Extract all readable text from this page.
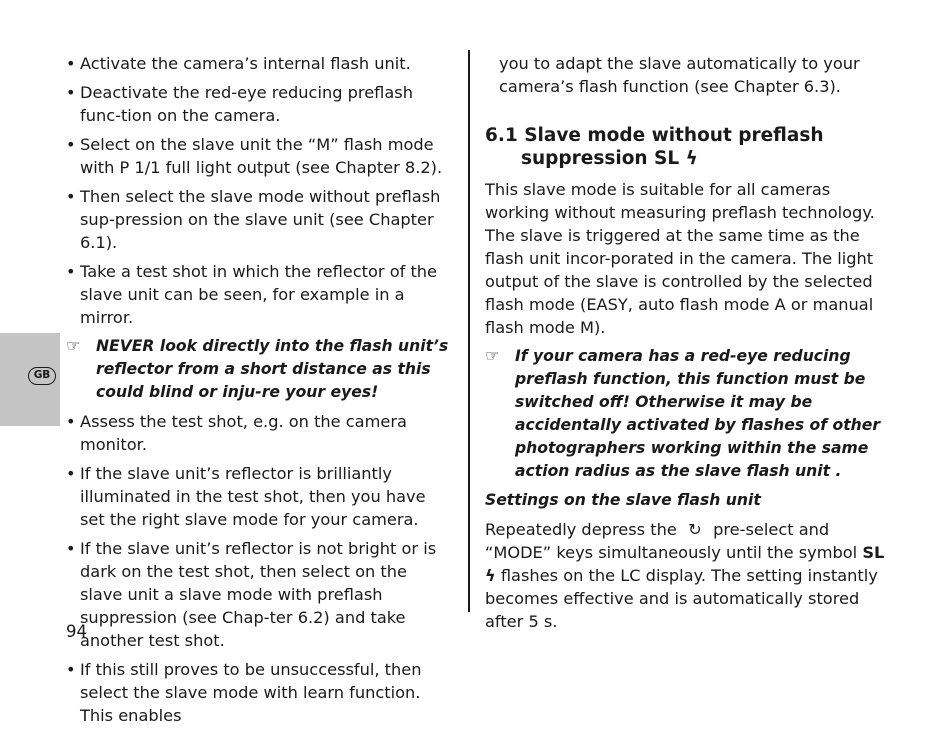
GB
• Activate the camera’s internal flash unit.
• Deactivate the red-eye reducing preflash func-tion on the camera.
• Select on the slave unit the “M” flash mode with P 1/1 full light output (see Chapter 8.2).
• Then select the slave mode without preflash sup-pression on the slave unit (see Chapter 6.1).
• Take a test shot in which the reflector of the slave unit can be seen, for example in a mirror.
☞ NEVER look directly into the flash unit’s reflector from a short distance as this could blind or inju-re your eyes!
• Assess the test shot, e.g. on the camera monitor.
• If the slave unit’s reflector is brilliantly illuminated in the test shot, then you have set the right slave mode for your camera.
• If the slave unit’s reflector is not bright or is dark on the test shot, then select on the slave unit a slave mode with preflash suppression (see Chap-ter 6.2) and take another test shot.
• If this still proves to be unsuccessful, then select the slave mode with learn function. This enables
you to adapt the slave automatically to your camera’s flash function (see Chapter 6.3).
6.1 Slave mode without preflash
suppression SL ϟ
This slave mode is suitable for all cameras working without measuring preflash technology. The slave is triggered at the same time as the flash unit incor-porated in the camera. The light output of the slave is controlled by the selected flash mode (EASY, auto flash mode A or manual flash mode M).
☞ If your camera has a red-eye reducing preflash function, this function must be switched off! Otherwise it may be accidentally activated by flashes of other photographers working within the same action radius as the slave flash unit .
Settings on the slave flash unit
Repeatedly depress the ↻ pre-select and “MODE” keys simultaneously until the symbol SL ϟ flashes on the LC display. The setting instantly becomes effective and is automatically stored after 5 s.
94
